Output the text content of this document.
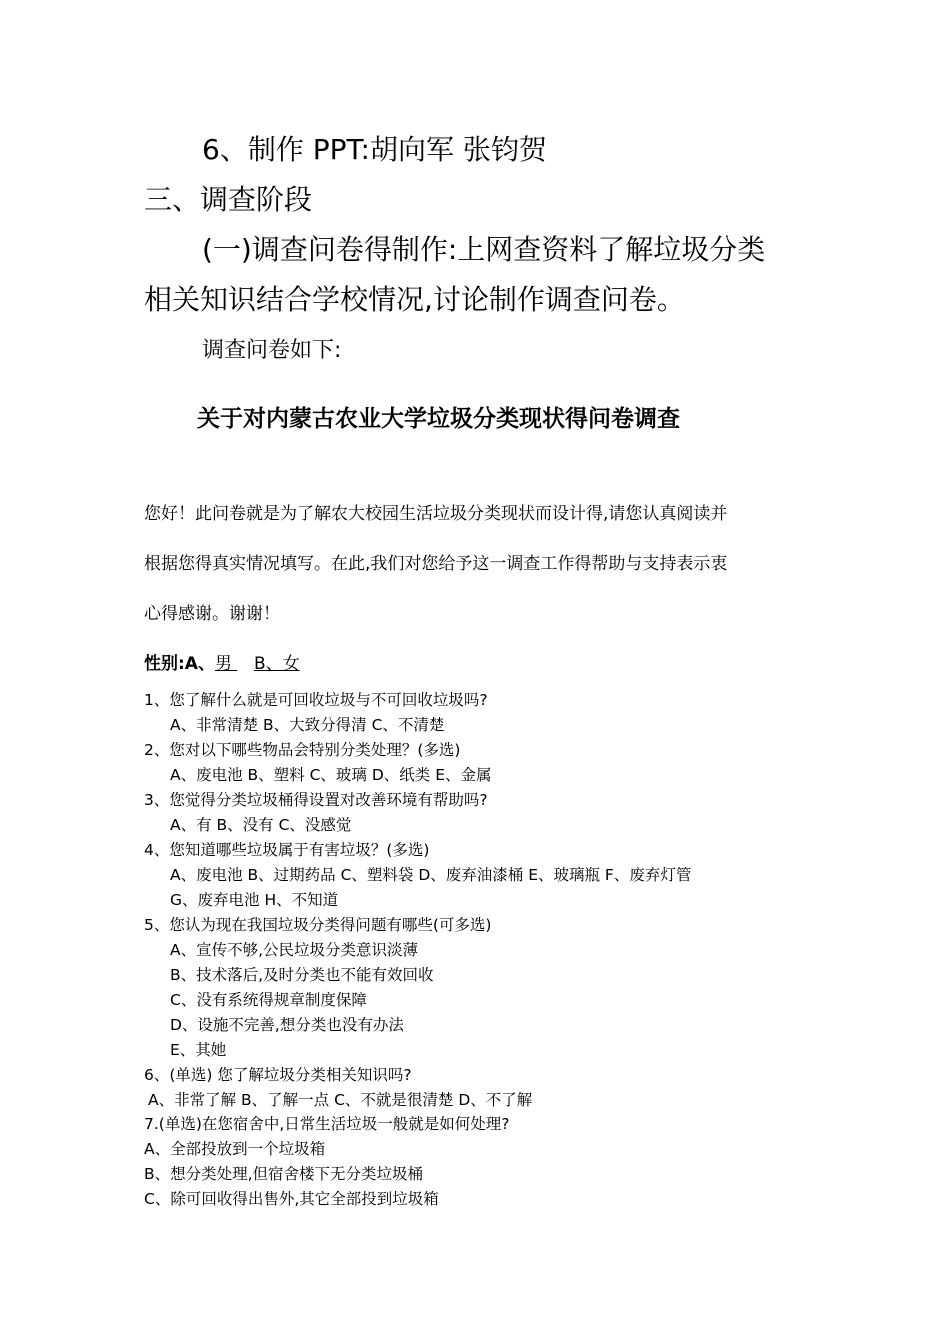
6、制作 PPT:胡向军 张钧贺
三、调查阶段
(一)调查问卷得制作:上网查资料了解垃圾分类
相关知识结合学校情况,讨论制作调查问卷。
调查问卷如下:
关于对内蒙古农业大学垃圾分类现状得问卷调查
您好！此问卷就是为了解农大校园生活垃圾分类现状而设计得,请您认真阅读并
根据您得真实情况填写。在此,我们对您给予这一调查工作得帮助与支持表示衷
心得感谢。谢谢！
性别:A、男 B、女
1、您了解什么就是可回收垃圾与不可回收垃圾吗?
A、非常清楚 B、大致分得清 C、不清楚
2、您对以下哪些物品会特别分类处理？(多选)
A、废电池 B、塑料 C、玻璃 D、纸类 E、金属
3、您觉得分类垃圾桶得设置对改善环境有帮助吗?
A、有 B、没有 C、没感觉
4、您知道哪些垃圾属于有害垃圾？(多选)
A、废电池 B、过期药品 C、塑料袋 D、废弃油漆桶 E、玻璃瓶 F、废弃灯管
G、废弃电池 H、不知道
5、您认为现在我国垃圾分类得问题有哪些(可多选)
A、宣传不够,公民垃圾分类意识淡薄
B、技术落后,及时分类也不能有效回收
C、没有系统得规章制度保障
D、设施不完善,想分类也没有办法
E、其她
6、(单选) 您了解垃圾分类相关知识吗?
A、非常了解 B、了解一点 C、不就是很清楚 D、不了解
7.(单选)在您宿舍中,日常生活垃圾一般就是如何处理?
A、全部投放到一个垃圾箱
B、想分类处理,但宿舍楼下无分类垃圾桶
C、除可回收得出售外,其它全部投到垃圾箱
